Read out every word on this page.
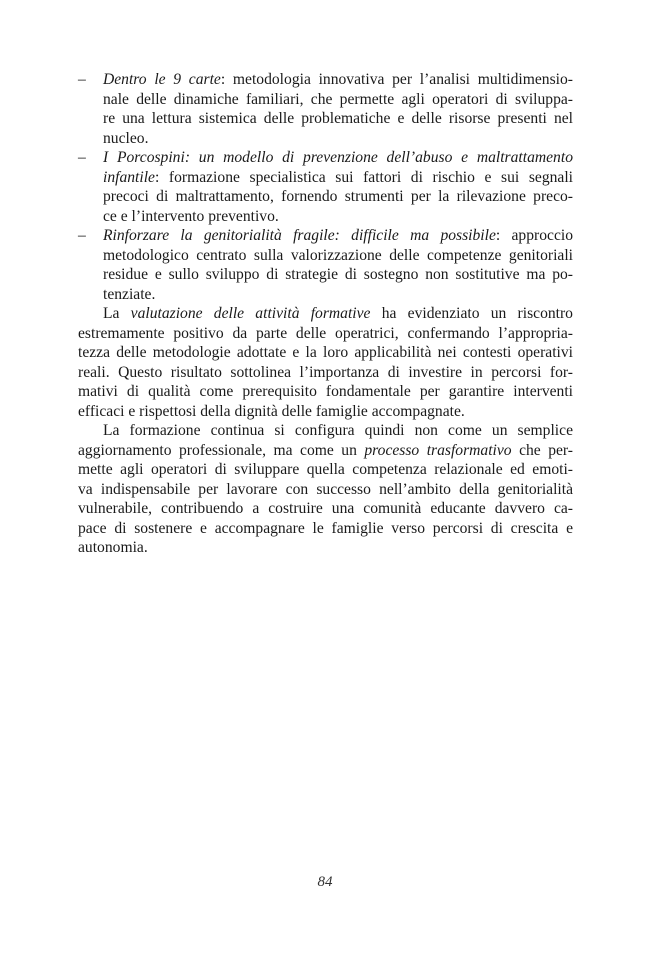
– Dentro le 9 carte: metodologia innovativa per l’analisi multidimensio-
nale delle dinamiche familiari, che permette agli operatori di sviluppa-
re una lettura sistemica delle problematiche e delle risorse presenti nel
nucleo.
– I Porcospini: un modello di prevenzione dell’abuso e maltrattamento
infantile: formazione specialistica sui fattori di rischio e sui segnali
precoci di maltrattamento, fornendo strumenti per la rilevazione preco-
ce e l’intervento preventivo.
– Rinforzare la genitorialità fragile: difficile ma possibile: approccio
metodologico centrato sulla valorizzazione delle competenze genitoriali
residue e sullo sviluppo di strategie di sostegno non sostitutive ma po-
tenziate.
La valutazione delle attività formative ha evidenziato un riscontro
estremamente positivo da parte delle operatrici, confermando l’appropria-
tezza delle metodologie adottate e la loro applicabilità nei contesti operativi
reali. Questo risultato sottolinea l’importanza di investire in percorsi for-
mativi di qualità come prerequisito fondamentale per garantire interventi
efficaci e rispettosi della dignità delle famiglie accompagnate.
La formazione continua si configura quindi non come un semplice
aggiornamento professionale, ma come un processo trasformativo che per-
mette agli operatori di sviluppare quella competenza relazionale ed emoti-
va indispensabile per lavorare con successo nell’ambito della genitorialità
vulnerabile, contribuendo a costruire una comunità educante davvero ca-
pace di sostenere e accompagnare le famiglie verso percorsi di crescita e
autonomia.
84
